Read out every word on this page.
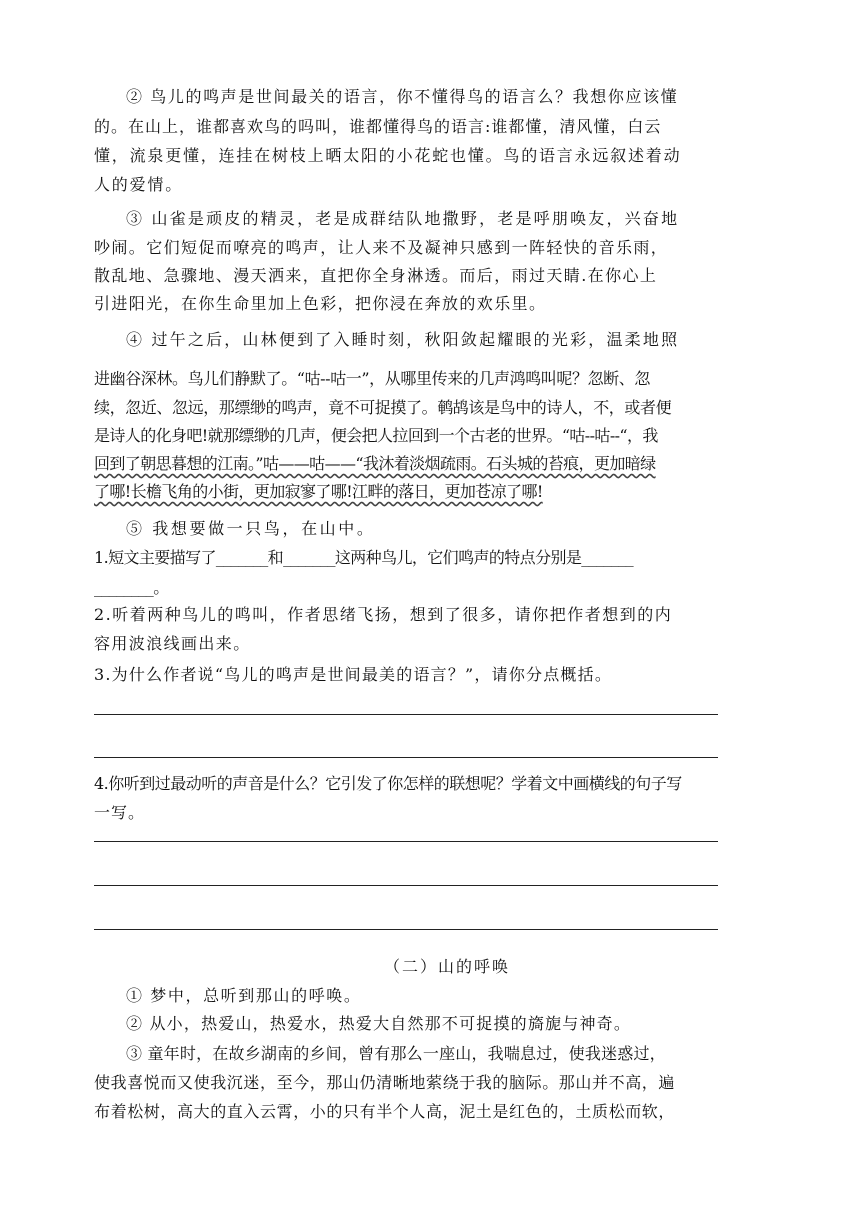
② 鸟儿的鸣声是世间最关的语言，你不懂得鸟的语言么？我想你应该懂
的。在山上，谁都喜欢鸟的吗叫，谁都懂得鸟的语言:谁都懂，清风懂，白云
懂，流泉更懂，连挂在树枝上晒太阳的小花蛇也懂。鸟的语言永远叙述着动
人的爱情。
③ 山雀是顽皮的精灵，老是成群结队地撒野，老是呼朋唤友，兴奋地
吵闹。它们短促而嘹亮的鸣声，让人来不及凝神只感到一阵轻快的音乐雨，
散乱地、急骤地、漫天洒来，直把你全身淋透。而后，雨过天睛.在你心上
引进阳光，在你生命里加上色彩，把你浸在奔放的欢乐里。
④ 过午之后，山林便到了入睡时刻，秋阳敛起耀眼的光彩，温柔地照
进幽谷深林。鸟儿们静默了。“咕--咕一”，从哪里传来的几声鸿鸣叫呢？忽断、忽
续，忽近、忽远，那缥缈的鸣声，竟不可捉摸了。鹌鸪该是鸟中的诗人，不，或者便
是诗人的化身吧!就那缥缈的几声，便会把人拉回到一个古老的世界。“咕--咕--“，我
回到了朝思暮想的江南。”咕——咕——“我沐着淡烟疏雨。石头城的苔痕，更加暗绿
了哪!长檐飞角的小街，更加寂寥了哪!江畔的落日，更加苍凉了哪!
⑤ 我想要做一只鸟，在山中。
1.短文主要描写了_______和_______这两种鸟儿，它们鸣声的特点分别是_______
________。
2.听着两种鸟儿的鸣叫，作者思绪飞扬，想到了很多，请你把作者想到的内
容用波浪线画出来。
3.为什么作者说“鸟儿的鸣声是世间最美的语言？”，请你分点概括。
4.你听到过最动听的声音是什么？它引发了你怎样的联想呢？学着文中画横线的句子写
一写。
（二）山的呼唤
① 梦中，总听到那山的呼唤。
② 从小，热爱山，热爱水，热爱大自然那不可捉摸的旖旎与神奇。
③ 童年时，在故乡湖南的乡间，曾有那么一座山，我喘息过，使我迷惑过，
使我喜悦而又使我沉迷，至今，那山仍清晰地萦绕于我的脑际。那山并不高，遍
布着松树，高大的直入云霄，小的只有半个人高，泥土是红色的，土质松而软，
